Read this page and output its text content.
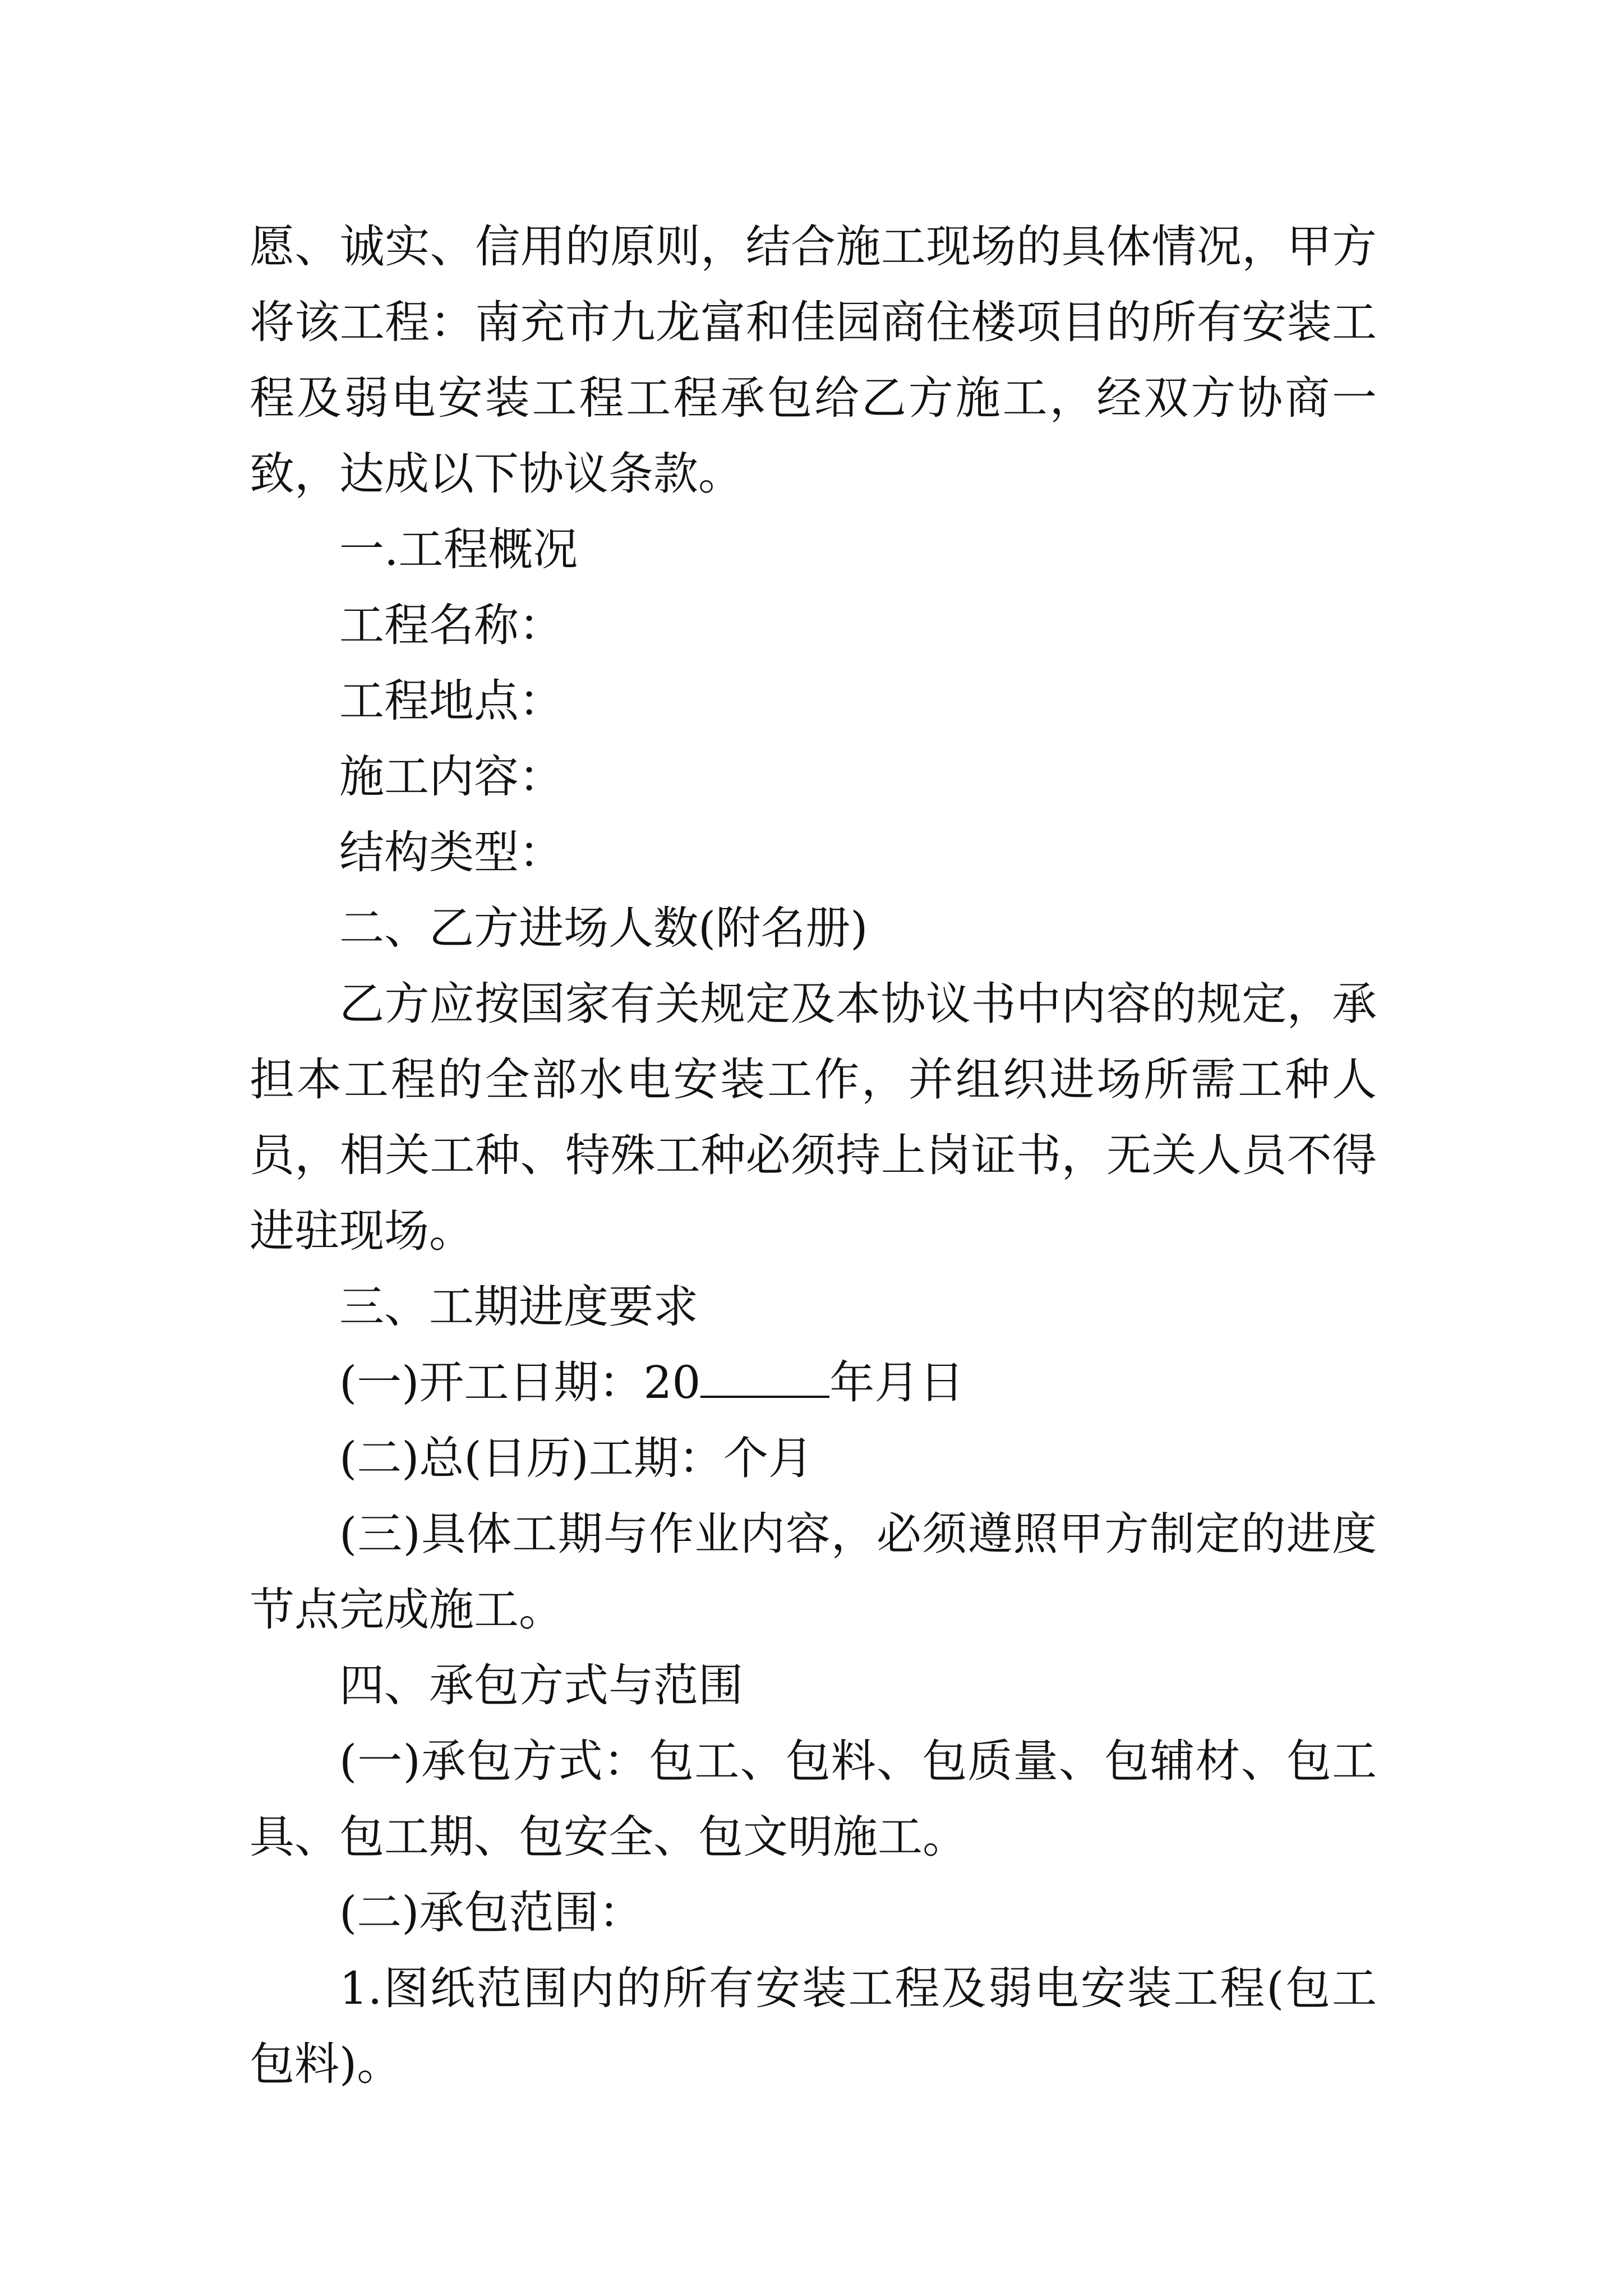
愿、诚实、信用的原则，结合施工现场的具体情况，甲方将该工程：南充市九龙富和佳园商住楼项目的所有安装工程及弱电安装工程工程承包给乙方施工，经双方协商一致，达成以下协议条款。

一.工程概况

工程名称：

工程地点：

施工内容：

结构类型：

二、乙方进场人数(附名册)

乙方应按国家有关规定及本协议书中内容的规定，承担本工程的全部水电安装工作，并组织进场所需工种人员，相关工种、特殊工种必须持上岗证书，无关人员不得进驻现场。

三、工期进度要求

(一)开工日期：20	年月日

(二)总(日历)工期：个月

(三)具体工期与作业内容，必须遵照甲方制定的进度节点完成施工。

四、承包方式与范围

(一)承包方式：包工、包料、包质量、包辅材、包工具、包工期、包安全、包文明施工。

(二)承包范围：

1.图纸范围内的所有安装工程及弱电安装工程(包工包料)。
